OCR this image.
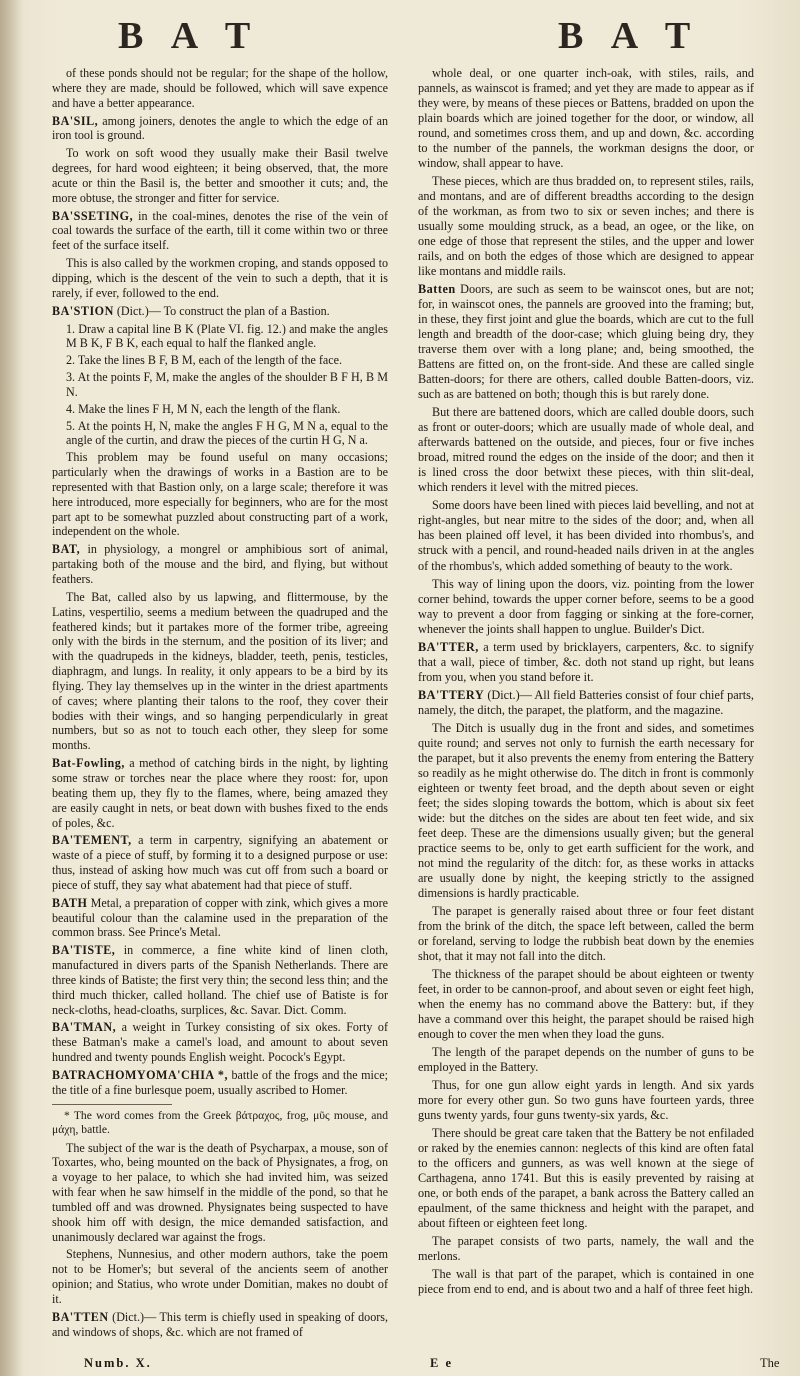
B A T	B A T

of these ponds should not be regular; for the shape of the hollow, where they are made, should be followed, which will save expence and have a better appearance.

BA'SIL, among joiners, denotes the angle to which the edge of an iron tool is ground.

To work on soft wood they usually make their Basil twelve degrees, for hard wood eighteen; it being observed, that, the more acute or thin the Basil is, the better and smoother it cuts; and, the more obtuse, the stronger and fitter for service.

BA'SSETING, in the coal-mines, denotes the rise of the vein of coal towards the surface of the earth, till it come within two or three feet of the surface itself.

This is also called by the workmen croping, and stands opposed to dipping, which is the descent of the vein to such a depth, that it is rarely, if ever, followed to the end.

BA'STION (Dict.)— To construct the plan of a Bastion.

1. Draw a capital line B K (Plate VI. fig. 12.) and make the angles M B K, F B K, each equal to half the flanked angle.

2. Take the lines B F, B M, each of the length of the face.

3. At the points F, M, make the angles of the shoulder B F H, B M N.

4. Make the lines F H, M N, each the length of the flank.

5. At the points H, N, make the angles F H G, M N a, equal to the angle of the curtin, and draw the pieces of the curtin H G, N a.

This problem may be found useful on many occasions; particularly when the drawings of works in a Bastion are to be represented with that Bastion only, on a large scale; therefore it was here introduced, more especially for beginners, who are for the most part apt to be somewhat puzzled about constructing part of a work, independent on the whole.

BAT, in physiology, a mongrel or amphibious sort of animal, partaking both of the mouse and the bird, and flying, but without feathers.

The Bat, called also by us lapwing, and flittermouse, by the Latins, vespertilio, seems a medium between the quadruped and the feathered kinds; but it partakes more of the former tribe, agreeing only with the birds in the sternum, and the position of its liver; and with the quadrupeds in the kidneys, bladder, teeth, penis, testicles, diaphragm, and lungs. In reality, it only appears to be a bird by its flying. They lay themselves up in the winter in the driest apartments of caves; where planting their talons to the roof, they cover their bodies with their wings, and so hanging perpendicularly in great numbers, but so as not to touch each other, they sleep for some months.

Bat-Fowling, a method of catching birds in the night, by lighting some straw or torches near the place where they roost: for, upon beating them up, they fly to the flames, where, being amazed they are easily caught in nets, or beat down with bushes fixed to the ends of poles, &c.

BA'TEMENT, a term in carpentry, signifying an abatement or waste of a piece of stuff, by forming it to a designed purpose or use: thus, instead of asking how much was cut off from such a board or piece of stuff, they say what abatement had that piece of stuff.

BATH Metal, a preparation of copper with zink, which gives a more beautiful colour than the calamine used in the preparation of the common brass. See Prince's Metal.

BA'TISTE, in commerce, a fine white kind of linen cloth, manufactured in divers parts of the Spanish Netherlands. There are three kinds of Batiste; the first very thin; the second less thin; and the third much thicker, called holland. The chief use of Batiste is for neck-cloths, head-cloaths, surplices, &c. Savar. Dict. Comm.

BA'TMAN, a weight in Turkey consisting of six okes. Forty of these Batman's make a camel's load, and amount to about seven hundred and twenty pounds English weight. Pocock's Egypt.

BATRACHOMYOMA'CHIA *, battle of the frogs and the mice; the title of a fine burlesque poem, usually ascribed to Homer.

* The word comes from the Greek βάτραχος, frog, μῦς mouse, and μάχη, battle.

The subject of the war is the death of Psycharpax, a mouse, son of Toxartes, who, being mounted on the back of Physignates, a frog, on a voyage to her palace, to which she had invited him, was seized with fear when he saw himself in the middle of the pond, so that he tumbled off and was drowned. Physignates being suspected to have shook him off with design, the mice demanded satisfaction, and unanimously declared war against the frogs.

Stephens, Nunnesius, and other modern authors, take the poem not to be Homer's; but several of the ancients seem of another opinion; and Statius, who wrote under Domitian, makes no doubt of it.

BA'TTEN (Dict.)— This term is chiefly used in speaking of doors, and windows of shops, &c. which are not framed of

whole deal, or one quarter inch-oak, with stiles, rails, and pannels, as wainscot is framed; and yet they are made to appear as if they were, by means of these pieces or Battens, bradded on upon the plain boards which are joined together for the door, or window, all round, and sometimes cross them, and up and down, &c. according to the number of the pannels, the workman designs the door, or window, shall appear to have.

These pieces, which are thus bradded on, to represent stiles, rails, and montans, and are of different breadths according to the design of the workman, as from two to six or seven inches; and there is usually some moulding struck, as a bead, an ogee, or the like, on one edge of those that represent the stiles, and the upper and lower rails, and on both the edges of those which are designed to appear like montans and middle rails.

Batten Doors, are such as seem to be wainscot ones, but are not; for, in wainscot ones, the pannels are grooved into the framing; but, in these, they first joint and glue the boards, which are cut to the full length and breadth of the door-case; which gluing being dry, they traverse them over with a long plane; and, being smoothed, the Battens are fitted on, on the front-side. And these are called single Batten-doors; for there are others, called double Batten-doors, viz. such as are battened on both; though this is but rarely done.

But there are battened doors, which are called double doors, such as front or outer-doors; which are usually made of whole deal, and afterwards battened on the outside, and pieces, four or five inches broad, mitred round the edges on the inside of the door; and then it is lined cross the door betwixt these pieces, with thin slit-deal, which renders it level with the mitred pieces.

Some doors have been lined with pieces laid bevelling, and not at right-angles, but near mitre to the sides of the door; and, when all has been plained off level, it has been divided into rhombus's, and struck with a pencil, and round-headed nails driven in at the angles of the rhombus's, which added something of beauty to the work.

This way of lining upon the doors, viz. pointing from the lower corner behind, towards the upper corner before, seems to be a good way to prevent a door from fagging or sinking at the fore-corner, whenever the joints shall happen to unglue. Builder's Dict.

BA'TTER, a term used by bricklayers, carpenters, &c. to signify that a wall, piece of timber, &c. doth not stand up right, but leans from you, when you stand before it.

BA'TTERY (Dict.)— All field Batteries consist of four chief parts, namely, the ditch, the parapet, the platform, and the magazine.

The Ditch is usually dug in the front and sides, and sometimes quite round; and serves not only to furnish the earth necessary for the parapet, but it also prevents the enemy from entering the Battery so readily as he might otherwise do. The ditch in front is commonly eighteen or twenty feet broad, and the depth about seven or eight feet; the sides sloping towards the bottom, which is about six feet wide: but the ditches on the sides are about ten feet wide, and six feet deep. These are the dimensions usually given; but the general practice seems to be, only to get earth sufficient for the work, and not mind the regularity of the ditch: for, as these works in attacks are usually done by night, the keeping strictly to the assigned dimensions is hardly practicable.

The parapet is generally raised about three or four feet distant from the brink of the ditch, the space left between, called the berm or foreland, serving to lodge the rubbish beat down by the enemies shot, that it may not fall into the ditch.

The thickness of the parapet should be about eighteen or twenty feet, in order to be cannon-proof, and about seven or eight feet high, when the enemy has no command above the Battery: but, if they have a command over this height, the parapet should be raised high enough to cover the men when they load the guns.

The length of the parapet depends on the number of guns to be employed in the Battery.

Thus, for one gun allow eight yards in length. And six yards more for every other gun. So two guns have fourteen yards, three guns twenty yards, four guns twenty-six yards, &c.

There should be great care taken that the Battery be not enfiladed or raked by the enemies cannon: neglects of this kind are often fatal to the officers and gunners, as was well known at the siege of Carthagena, anno 1741. But this is easily prevented by raising at one, or both ends of the parapet, a bank across the Battery called an epaulment, of the same thickness and height with the parapet, and about fifteen or eighteen feet long.

The parapet consists of two parts, namely, the wall and the merlons.

The wall is that part of the parapet, which is contained in one piece from end to end, and is about two and a half of three feet high.

Numb. X.	E e	The
